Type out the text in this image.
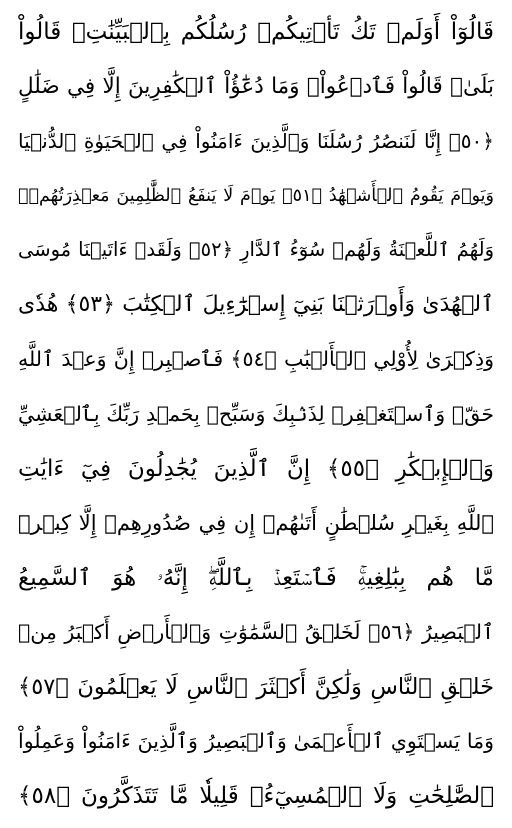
قَالُوٓاْ أَوَلَمۡ تَكُ تَأۡتِيكُمۡ رُسُلُكُم بِٱلۡبَيِّنَٰتِۖ قَالُواْ
بَلَىٰۚ قَالُواْ فَٱدۡعُواْۗ وَمَا دُعَٰٓؤُاْ ٱلۡكَٰفِرِينَ إِلَّا فِي ضَلَٰلٍ
﴿٥٠﴾ إِنَّا لَنَنصُرُ رُسُلَنَا وَٱلَّذِينَ ءَامَنُواْ فِي ٱلۡحَيَوٰةِ ٱلدُّنۡيَا
وَيَوۡمَ يَقُومُ ٱلۡأَشۡهَٰدُ ﴿٥١﴾ يَوۡمَ لَا يَنفَعُ ٱلظَّٰلِمِينَ مَعۡذِرَتُهُمۡۖ
وَلَهُمُ ٱللَّعۡنَةُ وَلَهُمۡ سُوٓءُ ٱلدَّارِ ﴿٥٢﴾ وَلَقَدۡ ءَاتَيۡنَا مُوسَى
ٱلۡهُدَىٰ وَأَوۡرَثۡنَا بَنِيٓ إِسۡرَٰٓءِيلَ ٱلۡكِتَٰبَ ﴿٥٣﴾ هُدٗى
وَذِكۡرَىٰ لِأُوْلِي ٱلۡأَلۡبَٰبِ ﴿٥٤﴾ فَٱصۡبِرۡ إِنَّ وَعۡدَ ٱللَّهِ
حَقّٞ وَٱسۡتَغۡفِرۡ لِذَنۢبِكَ وَسَبِّحۡ بِحَمۡدِ رَبِّكَ بِٱلۡعَشِيِّ
وَٱلۡإِبۡكَٰرِ ﴿٥٥﴾ إِنَّ ٱلَّذِينَ يُجَٰدِلُونَ فِيٓ ءَايَٰتِ
ٱللَّهِ بِغَيۡرِ سُلۡطَٰنٍ أَتَىٰهُمۡ إِن فِي صُدُورِهِمۡ إِلَّا كِبۡرٞ
مَّا هُم بِبَٰلِغِيهِۚ فَٱسۡتَعِذۡ بِٱللَّهِۖ إِنَّهُۥ هُوَ ٱلسَّمِيعُ
ٱلۡبَصِيرُ ﴿٥٦﴾ لَخَلۡقُ ٱلسَّمَٰوَٰتِ وَٱلۡأَرۡضِ أَكۡبَرُ مِنۡ
خَلۡقِ ٱلنَّاسِ وَلَٰكِنَّ أَكۡثَرَ ٱلنَّاسِ لَا يَعۡلَمُونَ ﴿٥٧﴾
وَمَا يَسۡتَوِي ٱلۡأَعۡمَىٰ وَٱلۡبَصِيرُ وَٱلَّذِينَ ءَامَنُواْ وَعَمِلُواْ
ٱلصَّٰلِحَٰتِ وَلَا ٱلۡمُسِيٓءُۚ قَلِيلٗا مَّا تَتَذَكَّرُونَ ﴿٥٨﴾
